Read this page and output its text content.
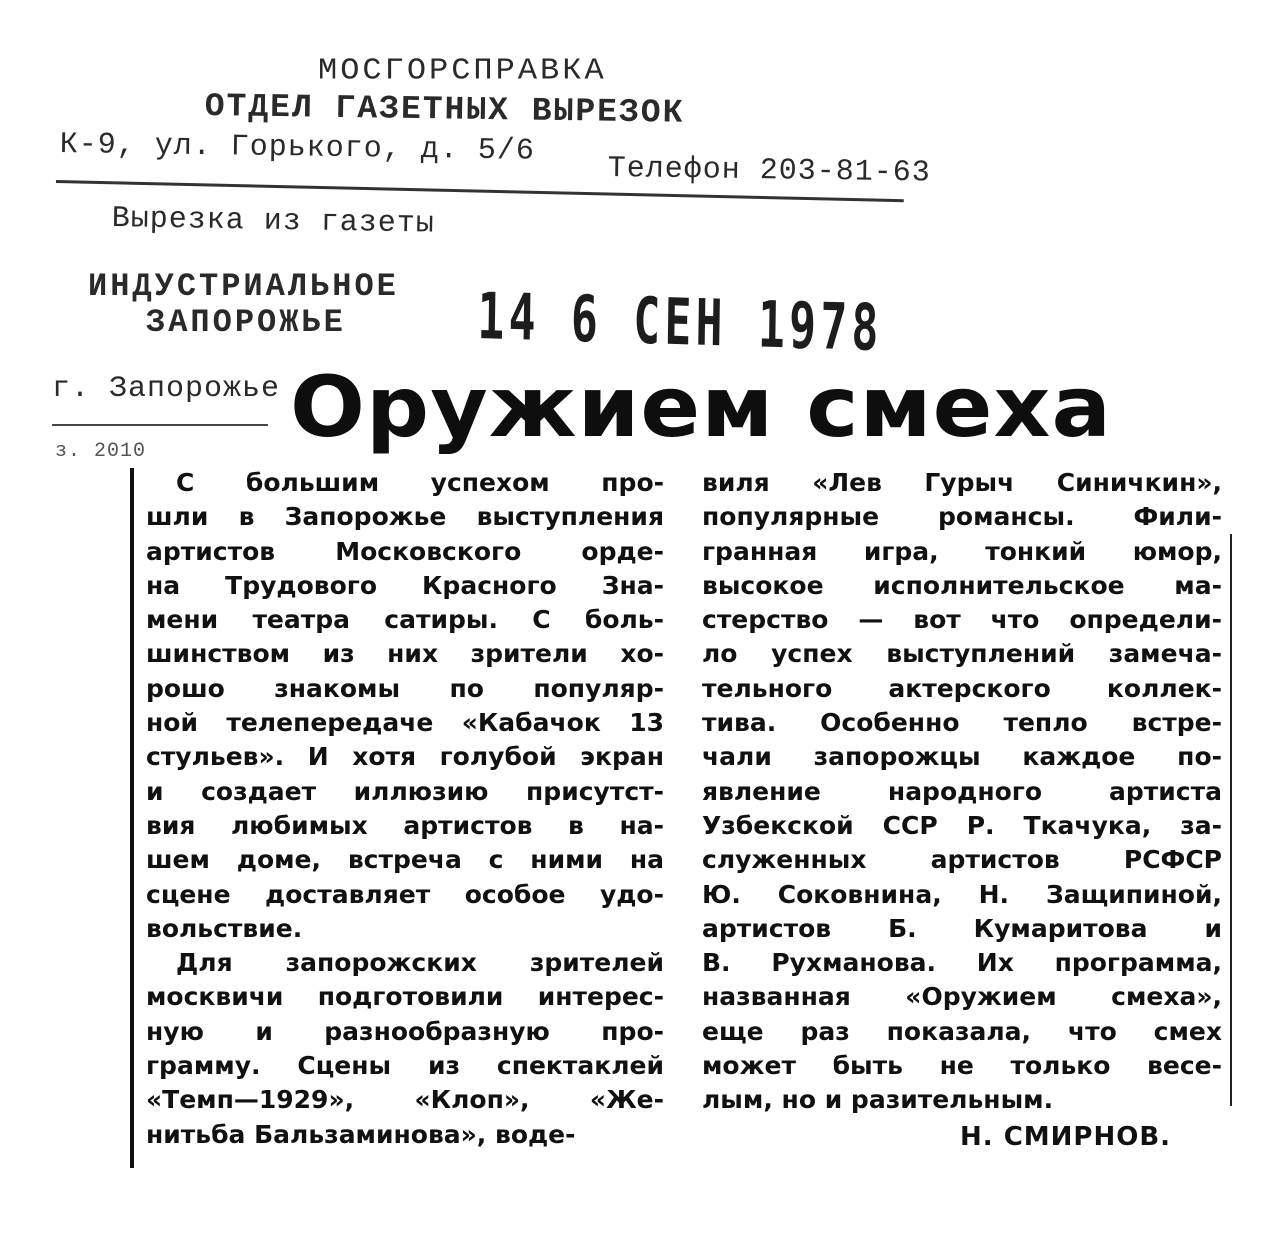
МОСГОРСПРАВКА
ОТДЕЛ ГАЗЕТНЫХ ВЫРЕЗОК
К-9, ул. Горького, д. 5/6
Телефон 203-81-63
Вырезка из газеты
ИНДУСТРИАЛЬНОЕ
ЗАПОРОЖЬЕ 14 6 СЕН 1978
г. Запорожье
з. 2010 Оружием смеха
С большим успехом про-
шли в Запорожье выступления
артистов Московского орде-
на Трудового Красного Зна-
мени театра сатиры. С боль-
шинством из них зрители хо-
рошо знакомы по популяр-
ной телепередаче «Кабачок 13
стульев». И хотя голубой экран
и создает иллюзию присутст-
вия любимых артистов в на-
шем доме, встреча с ними на
сцене доставляет особое удо-
вольствие.
Для запорожских зрителей
москвичи подготовили интерес-
ную и разнообразную про-
грамму. Сцены из спектаклей
«Темп—1929», «Клоп», «Же-
нитьба Бальзаминова», воде-
виля «Лев Гурыч Синичкин»,
популярные романсы. Фили-
гранная игра, тонкий юмор,
высокое исполнительское ма-
стерство — вот что определи-
ло успех выступлений замеча-
тельного актерского коллек-
тива. Особенно тепло встре-
чали запорожцы каждое по-
явление народного артиста
Узбекской ССР Р. Ткачука, за-
служенных артистов РСФСР
Ю. Соковнина, Н. Защипиной,
артистов Б. Кумаритова и
В. Рухманова. Их программа,
названная «Оружием смеха»,
еще раз показала, что смех
может быть не только весе-
лым, но и разительным.
Н. СМИРНОВ.
